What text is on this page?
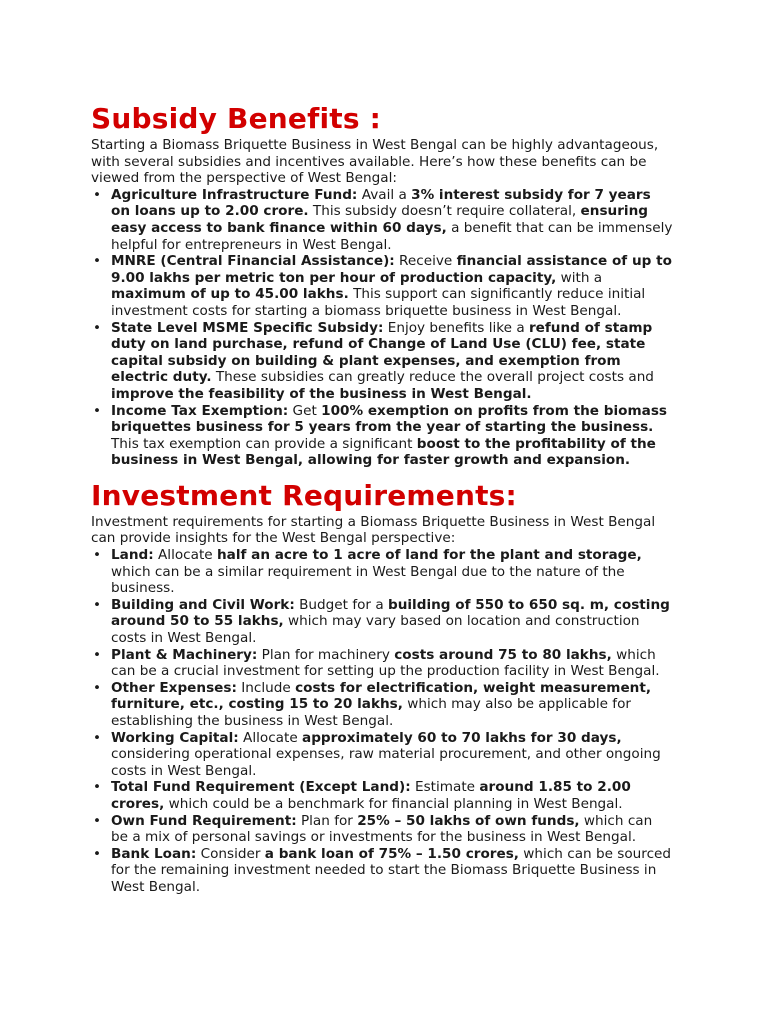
Subsidy Benefits :

Starting a Biomass Briquette Business in West Bengal can be highly advantageous, with several subsidies and incentives available. Here’s how these benefits can be viewed from the perspective of West Bengal:

• Agriculture Infrastructure Fund: Avail a 3% interest subsidy for 7 years on loans up to 2.00 crore. This subsidy doesn’t require collateral, ensuring easy access to bank finance within 60 days, a benefit that can be immensely helpful for entrepreneurs in West Bengal.
• MNRE (Central Financial Assistance): Receive financial assistance of up to 9.00 lakhs per metric ton per hour of production capacity, with a maximum of up to 45.00 lakhs. This support can significantly reduce initial investment costs for starting a biomass briquette business in West Bengal.
• State Level MSME Specific Subsidy: Enjoy benefits like a refund of stamp duty on land purchase, refund of Change of Land Use (CLU) fee, state capital subsidy on building & plant expenses, and exemption from electric duty. These subsidies can greatly reduce the overall project costs and improve the feasibility of the business in West Bengal.
• Income Tax Exemption: Get 100% exemption on profits from the biomass briquettes business for 5 years from the year of starting the business. This tax exemption can provide a significant boost to the profitability of the business in West Bengal, allowing for faster growth and expansion.
Investment Requirements:

Investment requirements for starting a Biomass Briquette Business in West Bengal can provide insights for the West Bengal perspective:

• Land: Allocate half an acre to 1 acre of land for the plant and storage, which can be a similar requirement in West Bengal due to the nature of the business.
• Building and Civil Work: Budget for a building of 550 to 650 sq. m, costing around 50 to 55 lakhs, which may vary based on location and construction costs in West Bengal.
• Plant & Machinery: Plan for machinery costs around 75 to 80 lakhs, which can be a crucial investment for setting up the production facility in West Bengal.
• Other Expenses: Include costs for electrification, weight measurement, furniture, etc., costing 15 to 20 lakhs, which may also be applicable for establishing the business in West Bengal.
• Working Capital: Allocate approximately 60 to 70 lakhs for 30 days, considering operational expenses, raw material procurement, and other ongoing costs in West Bengal.
• Total Fund Requirement (Except Land): Estimate around 1.85 to 2.00 crores, which could be a benchmark for financial planning in West Bengal.
• Own Fund Requirement: Plan for 25% – 50 lakhs of own funds, which can be a mix of personal savings or investments for the business in West Bengal.
• Bank Loan: Consider a bank loan of 75% – 1.50 crores, which can be sourced for the remaining investment needed to start the Biomass Briquette Business in West Bengal.
